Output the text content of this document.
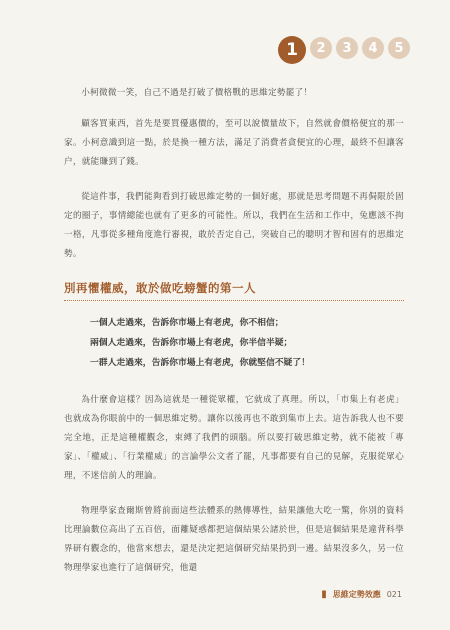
1	2	3	4	5

小柯微微一笑，自己不過是打破了價格戰的思維定勢罷了！

顧客買東西，首先是要買優惠價的，至可以說價量故下，自然就會價格便宜的那一家。小柯意識到這一點，於是換一種方法，滿足了消費者貪便宜的心理，最終不但讓客户，就能賺到了錢。

從這件事，我們能夠看到打破思維定勢的一個好處，那就是思考問題不再侷限於固定的圈子，事情總能也就有了更多的可能性。所以，我們在生活和工作中，兔應該不拘一格，凡事從多種角度進行審視，敢於否定自己，突破自己的聰明才智和固有的思維定勢。

別再懼權威，敢於做吃螃蟹的第一人
一個人走過來，告訴你市場上有老虎，你不相信；
兩個人走過來，告訴你市場上有老虎，你半信半疑；
一群人走過來，告訴你市場上有老虎，你就堅信不疑了！

為什麼會這樣？因為這就是一種從眾權，它就成了真理。所以，「市集上有老虎」也就成為你眼前中的一個思維定勢。讓你以後再也不敢到集市上去。這告訴我人也不要完全地，正是這種權觀念，束縛了我們的頭腦。所以要打破思維定勢，就不能被「專家」、「權威」、「行業權威」的言論學公文者了罷，凡事都要有自己的見解，克服從眾心理，不迷信前人的理論。

物理學家查爾斯曾將前面這些法體系的熱傳導性，結果讓他大吃一驚，你別的資料比理論數位高出了五百倍，面離疑惑都把這個結果公諸於世，但是這個結果是違背科學界研有觀念的，他當來想去，還是決定把這個研究結果扔到一邊。結果沒多久，另一位物理學家也進行了這個研究，他還

▮ 思維定勢效應 021
